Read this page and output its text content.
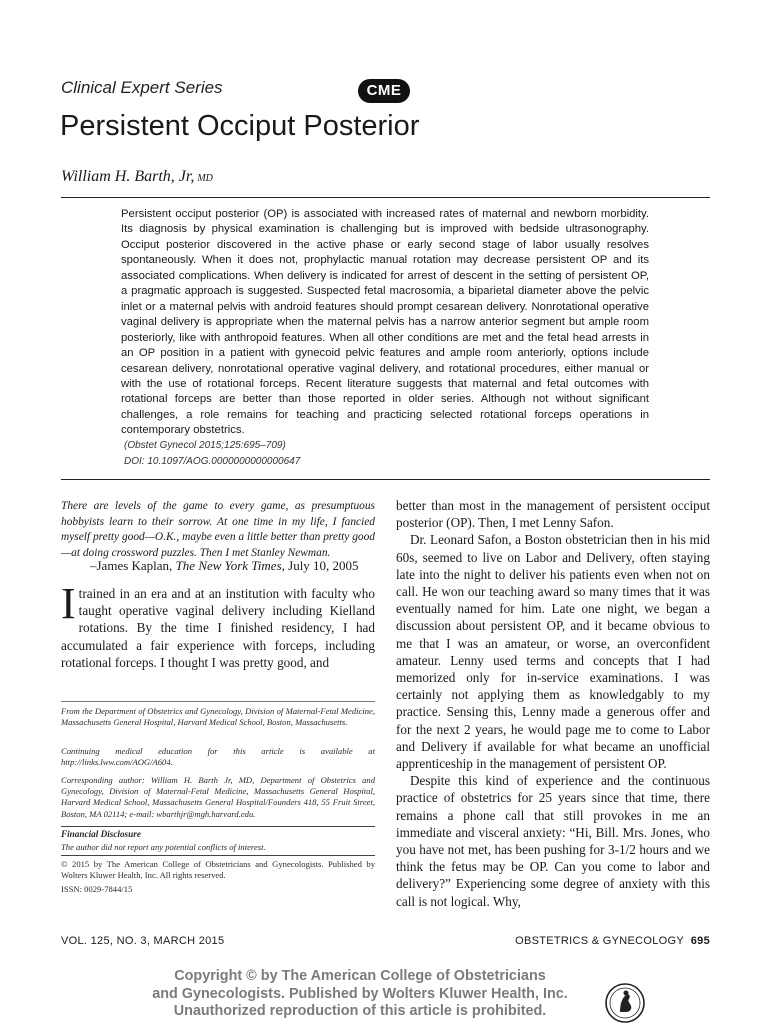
Clinical Expert Series	CME
Persistent Occiput Posterior
William H. Barth, Jr, MD
Persistent occiput posterior (OP) is associated with increased rates of maternal and newborn morbidity. Its diagnosis by physical examination is challenging but is improved with bedside ultrasonography. Occiput posterior discovered in the active phase or early second stage of labor usually resolves spontaneously. When it does not, prophylactic manual rotation may decrease persistent OP and its associated complications. When delivery is indicated for arrest of descent in the setting of persistent OP, a pragmatic approach is suggested. Suspected fetal macrosomia, a biparietal diameter above the pelvic inlet or a maternal pelvis with android features should prompt cesarean delivery. Nonrotational operative vaginal delivery is appropriate when the maternal pelvis has a narrow anterior segment but ample room posteriorly, like with anthropoid features. When all other conditions are met and the fetal head arrests in an OP position in a patient with gynecoid pelvic features and ample room anteriorly, options include cesarean delivery, nonrotational operative vaginal delivery, and rotational procedures, either manual or with the use of rotational forceps. Recent literature suggests that maternal and fetal outcomes with rotational forceps are better than those reported in older series. Although not without significant challenges, a role remains for teaching and practicing selected rotational forceps operations in contemporary obstetrics.
(Obstet Gynecol 2015;125:695–709)
DOI: 10.1097/AOG.0000000000000647
There are levels of the game to every game, as presumptuous hobbyists learn to their sorrow. At one time in my life, I fancied myself pretty good—O.K., maybe even a little better than pretty good—at doing crossword puzzles. Then I met Stanley Newman.
–James Kaplan, The New York Times, July 10, 2005

Itrained in an era and at an institution with faculty who taught operative vaginal delivery including Kielland rotations. By the time I finished residency, I had accumulated a fair experience with forceps, including rotational forceps. I thought I was pretty good, and

From the Department of Obstetrics and Gynecology, Division of Maternal-Fetal Medicine, Massachusetts General Hospital, Harvard Medical School, Boston, Massachusetts.
Continuing medical education for this article is available at http://links.lww.com/AOG/A604.
Corresponding author: William H. Barth Jr, MD, Department of Obstetrics and Gynecology, Division of Maternal-Fetal Medicine, Massachusetts General Hospital, Harvard Medical School, Massachusetts General Hospital/Founders 418, 55 Fruit Street, Boston, MA 02114; e-mail: wbarthjr@mgh.harvard.edu.
Financial Disclosure
The author did not report any potential conflicts of interest.
© 2015 by The American College of Obstetricians and Gynecologists. Published by Wolters Kluwer Health, Inc. All rights reserved.
ISSN: 0029-7844/15

better than most in the management of persistent occiput posterior (OP). Then, I met Lenny Safon.

Dr. Leonard Safon, a Boston obstetrician then in his mid 60s, seemed to live on Labor and Delivery, often staying late into the night to deliver his patients even when not on call. He won our teaching award so many times that it was eventually named for him. Late one night, we began a discussion about persistent OP, and it became obvious to me that I was an amateur, or worse, an overconfident amateur. Lenny used terms and concepts that I had memorized only for in-service examinations. I was certainly not applying them as knowledgably to my practice. Sensing this, Lenny made a generous offer and for the next 2 years, he would page me to come to Labor and Delivery if available for what became an unofficial apprenticeship in the management of persistent OP.

Despite this kind of experience and the continuous practice of obstetrics for 25 years since that time, there remains a phone call that still provokes in me an immediate and visceral anxiety: “Hi, Bill. Mrs. Jones, who you have not met, has been pushing for 3-1/2 hours and we think the fetus may be OP. Can you come to labor and delivery?” Experiencing some degree of anxiety with this call is not logical. Why,

VOL. 125, NO. 3, MARCH 2015	OBSTETRICS & GYNECOLOGY 695
Copyright © by The American College of Obstetricians
and Gynecologists. Published by Wolters Kluwer Health, Inc.
Unauthorized reproduction of this article is prohibited.
